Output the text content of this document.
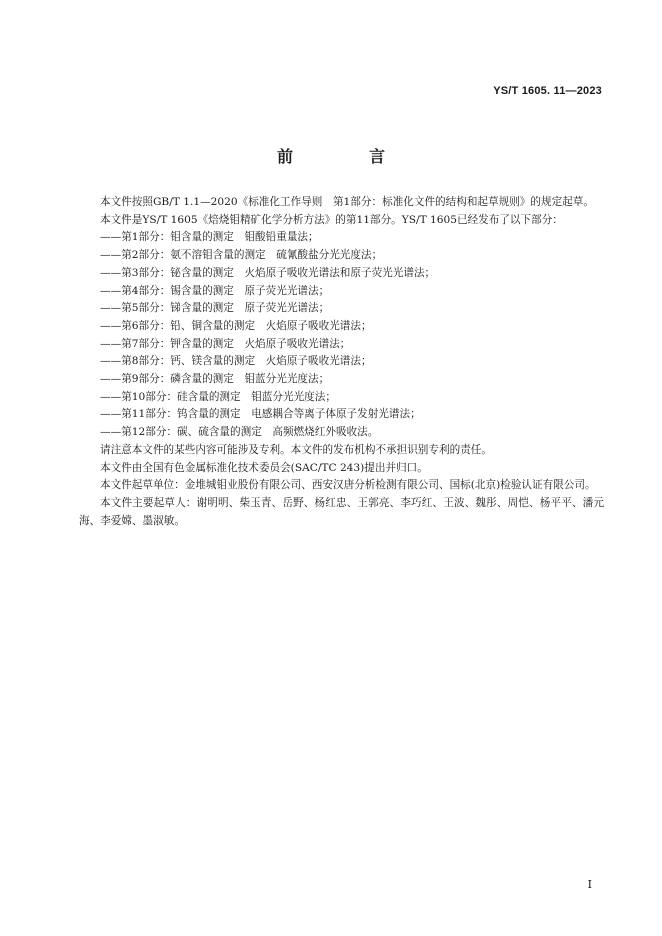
YS/T 1605. 11—2023
前　言

本文件按照GB/T 1.1—2020《标准化工作导则　第1部分：标准化文件的结构和起草规则》的规定起草。

本文件是YS/T 1605《焙烧钼精矿化学分析方法》的第11部分。YS/T 1605已经发布了以下部分：

——第1部分：钼含量的测定　钼酸铅重量法；

——第2部分：氨不溶钼含量的测定　硫氰酸盐分光光度法；

——第3部分：铋含量的测定　火焰原子吸收光谱法和原子荧光光谱法；

——第4部分：锡含量的测定　原子荧光光谱法；

——第5部分：锑含量的测定　原子荧光光谱法；

——第6部分：铅、铜含量的测定　火焰原子吸收光谱法；

——第7部分：钾含量的测定　火焰原子吸收光谱法；

——第8部分：钙、镁含量的测定　火焰原子吸收光谱法；

——第9部分：磷含量的测定　钼蓝分光光度法；

——第10部分：硅含量的测定　钼蓝分光光度法；

——第11部分：钨含量的测定　电感耦合等离子体原子发射光谱法；

——第12部分：碳、硫含量的测定　高频燃烧红外吸收法。

请注意本文件的某些内容可能涉及专利。本文件的发布机构不承担识别专利的责任。

本文件由全国有色金属标准化技术委员会(SAC/TC 243)提出并归口。

本文件起草单位：金堆城钼业股份有限公司、西安汉唐分析检测有限公司、国标(北京)检验认证有限公司。

本文件主要起草人：谢明明、柴玉青、岳野、杨红忠、王郭亮、李巧红、王波、魏彤、周恺、杨平平、潘元海、李爱嫦、墨淑敏。

I
